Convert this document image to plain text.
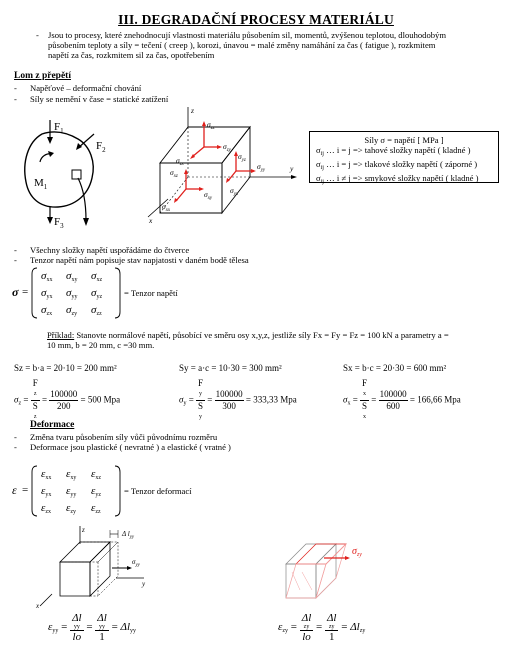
III. DEGRADAČNÍ PROCESY MATERIÁLU
- Jsou to procesy, které znehodnocují vlastnosti materiálu působením sil, momentů, zvýšenou teplotou, dlouhodobým
působením teploty a síly = tečení ( creep ), korozi, únavou = malé změny namáhání za čas ( fatigue ), rozkmitem
napětí za čas, rozkmitem sil za čas, opotřebením
Lom z přepětí
- Napěťové – deformační chování
- Síly se nemění v čase = statické zatížení
$F_1$
$F_2$
$M_1$
$F_3$
z
y
x
$\sigma_{zz}$
$\sigma_{zy}$
$\sigma_{zx}$
$\sigma_{yz}$
$\sigma_{yy}$
$\sigma_{yx}$
$\sigma_{xz}$
$\sigma_{xy}$
$\sigma_{xx}$
Síly σ = napětí [ MPa ]
$\sigma_{ij}$ … i = j => tahové složky napětí ( kladné )
$\sigma_{ij}$ … i = j => tlakové složky napětí ( záporné )
$\sigma_{ij}$ … i ≠ j => smykové složky napětí ( kladné )
- Všechny složky napětí uspořádáme do čtverce
- Tenzor napětí nám popisuje stav napjatosti v daném bodě tělesa
σ =
$\sigma_{xx}$ $\sigma_{xy}$ $\sigma_{xz}$
$\sigma_{yx}$ $\sigma_{yy}$ $\sigma_{yz}$
$\sigma_{zx}$ $\sigma_{zy}$ $\sigma_{zz}$
= Tenzor napětí
Příklad: Stanovte normálové napětí, působící ve směru osy x,y,z, jestliže síly Fx = Fy = Fz = 100 kN a parametry a =
10 mm, b = 20 mm, c =30 mm.
Sz = b·a = 20·10 = 200 mm²
$\sigma_z = F$
z
S
$z = \frac{100000}{200} = 500$ Mpa
Sy = a·c = 10·30 = 300 mm²
$\sigma_y = F$
y
S
$y = \frac{100000}{300} = 333,33$ Mpa
Sx = b·c = 20·30 = 600 mm²
$\sigma_x = F$
x
S
$x = \frac{100000}{600} = 166,66$ Mpa
Deformace
- Změna tvaru působením síly vůči původnímu rozměru
- Deformace jsou plastické ( nevratné ) a elastické ( vratné )
ε =
$\varepsilon_{xx}$ $\varepsilon_{xy}$ $\varepsilon_{xz}$
$\varepsilon_{yx}$ $\varepsilon_{yy}$ $\varepsilon_{yz}$
$\varepsilon_{zx}$ $\varepsilon_{zy}$ $\varepsilon_{zz}$
= Tenzor deformací
z
x
y
Δ $l_{yy}$
$\sigma_{yy}$
$\sigma_{zy}$
$\varepsilon_{yy} = \Delta l$
yy
lo = Δl
yy
$1 = \Delta l_{yy}$	$\varepsilon_{zy} = \Delta l$
zy
lo = Δl
zy
$1 = \Delta l_{zy}$
